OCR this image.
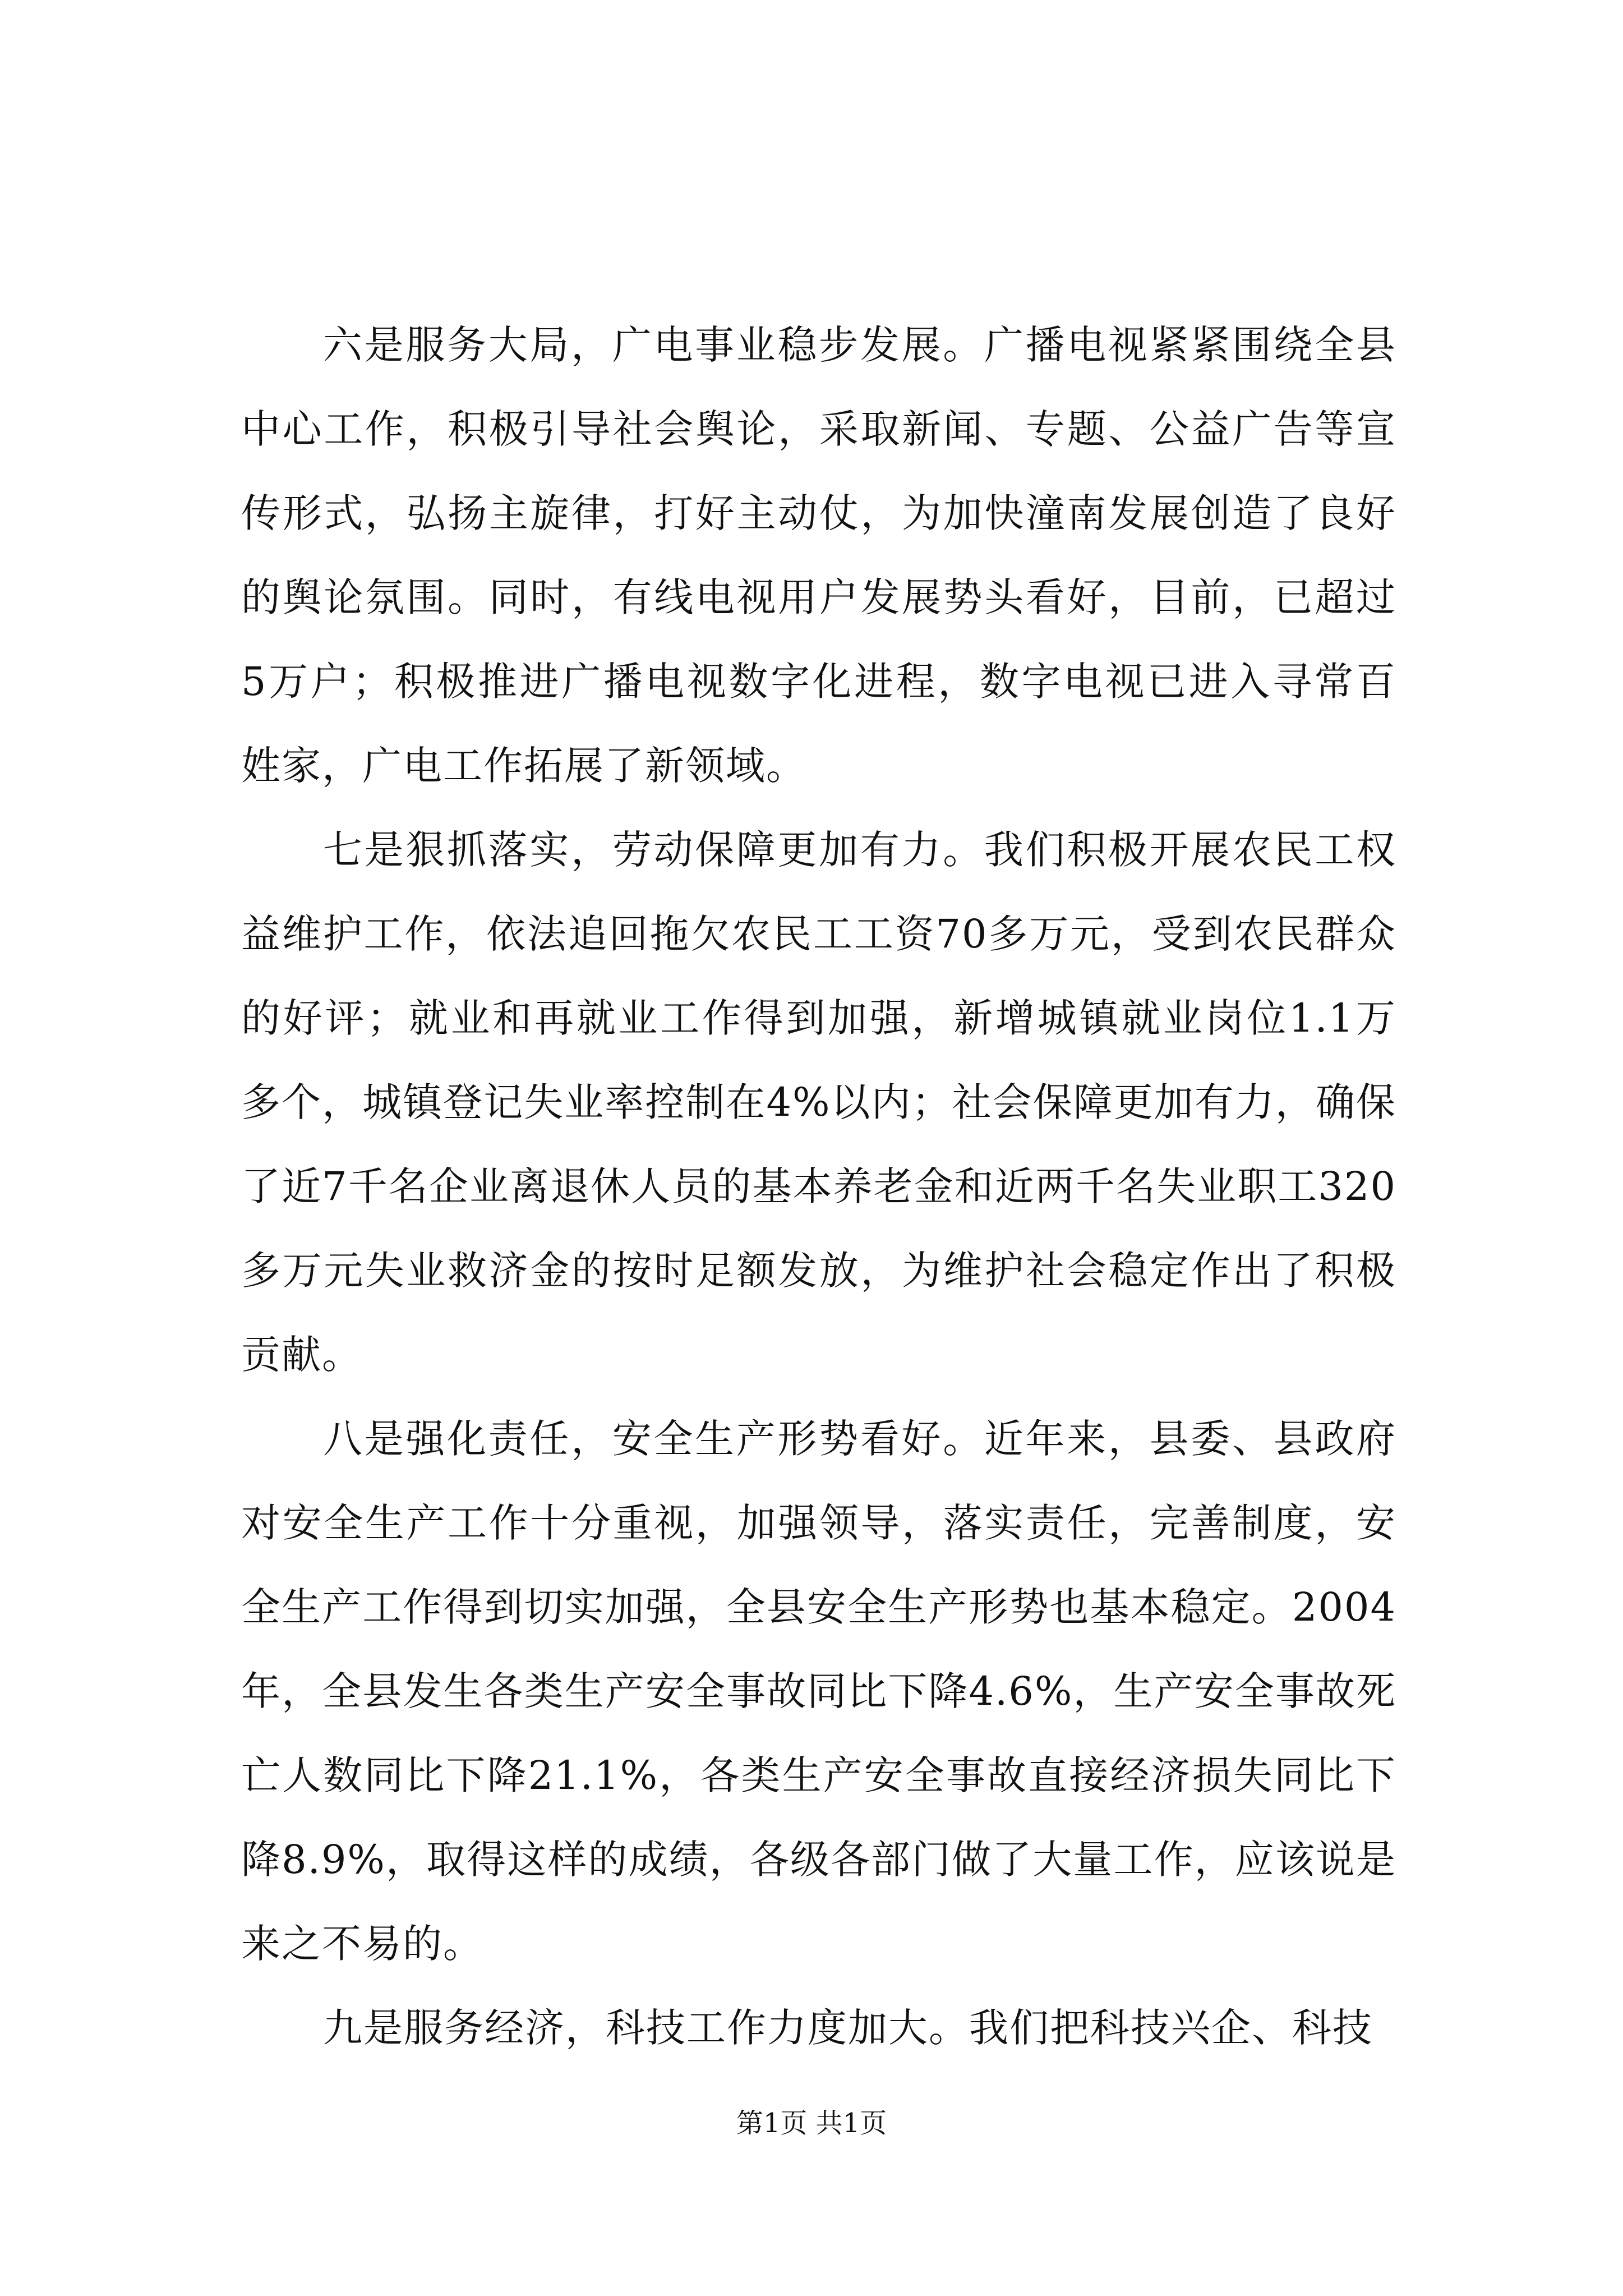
六是服务大局，广电事业稳步发展。广播电视紧紧围绕全县中心工作，积极引导社会舆论，采取新闻、专题、公益广告等宣传形式，弘扬主旋律，打好主动仗，为加快潼南发展创造了良好的舆论氛围。同时，有线电视用户发展势头看好，目前，已超过5万户；积极推进广播电视数字化进程，数字电视已进入寻常百姓家，广电工作拓展了新领域。

七是狠抓落实，劳动保障更加有力。我们积极开展农民工权益维护工作，依法追回拖欠农民工工资70多万元，受到农民群众的好评；就业和再就业工作得到加强，新增城镇就业岗位1.1万多个，城镇登记失业率控制在4%以内；社会保障更加有力，确保了近7千名企业离退休人员的基本养老金和近两千名失业职工320多万元失业救济金的按时足额发放，为维护社会稳定作出了积极贡献。

八是强化责任，安全生产形势看好。近年来，县委、县政府对安全生产工作十分重视，加强领导，落实责任，完善制度，安全生产工作得到切实加强，全县安全生产形势也基本稳定。2004年，全县发生各类生产安全事故同比下降4.6%，生产安全事故死亡人数同比下降21.1%，各类生产安全事故直接经济损失同比下降8.9%，取得这样的成绩，各级各部门做了大量工作，应该说是来之不易的。

九是服务经济，科技工作力度加大。我们把科技兴企、科技

第1页 共1页
